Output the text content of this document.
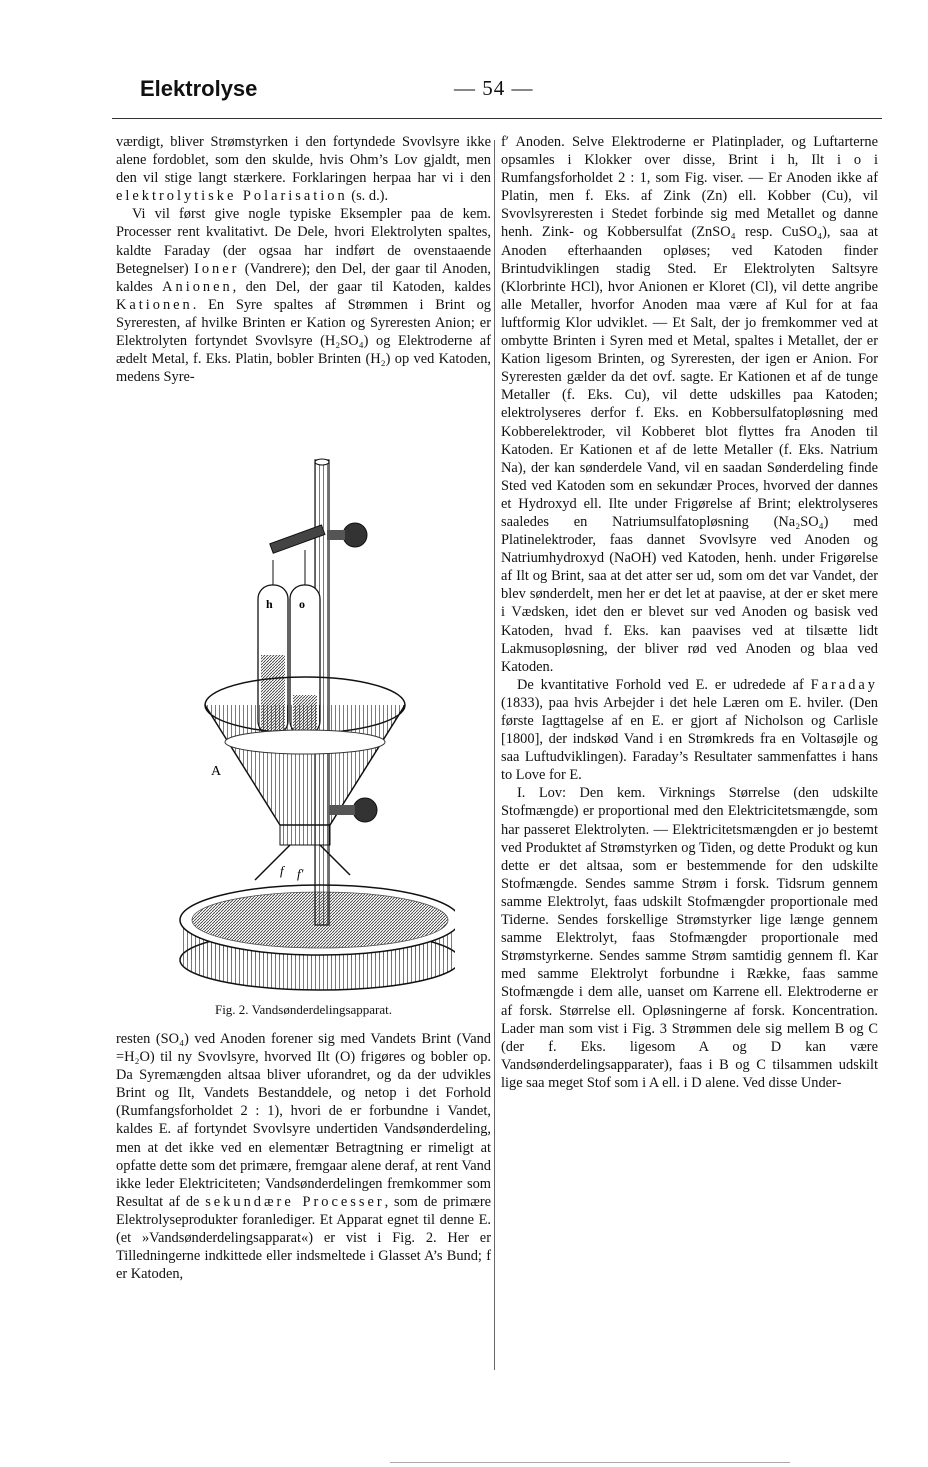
Elektrolyse	— 54 —

værdigt, bliver Strømstyrken i den fortyndede Svovlsyre ikke alene fordoblet, som den skulde, hvis Ohm’s Lov gjaldt, men den vil stige langt stærkere. Forklaringen herpaa har vi i den elektrolytiske Polarisation (s. d.).

Vi vil først give nogle typiske Eksempler paa de kem. Processer rent kvalitativt. De Dele, hvori Elektrolyten spaltes, kaldte Faraday (der ogsaa har indført de ovenstaaende Betegnelser) Ioner (Vandrere); den Del, der gaar til Anoden, kaldes Anionen, den Del, der gaar til Katoden, kaldes Kationen. En Syre spaltes af Strømmen i Brint og Syreresten, af hvilke Brinten er Kation og Syreresten Anion; er Elektrolyten fortyndet Svovlsyre (H₂SO₄) og Elektroderne af ædelt Metal, f. Eks. Platin, bobler Brinten (H₂) op ved Katoden, medens Syre-

h o
f f′
A
Fig. 2. Vandsønderdelingsapparat.

resten (SO₄) ved Anoden forener sig med Vandets Brint (Vand =H₂O) til ny Svovlsyre, hvorved Ilt (O) frigøres og bobler op. Da Syremængden altsaa bliver uforandret, og da der udvikles Brint og Ilt, Vandets Bestanddele, og netop i det Forhold (Rumfangsforholdet 2 : 1), hvori de er forbundne i Vandet, kaldes E. af fortyndet Svovlsyre undertiden Vandsønderdeling, men at det ikke ved en elementær Betragtning er rimeligt at opfatte dette som det primære, fremgaar alene deraf, at rent Vand ikke leder Elektriciteten; Vandsønderdelingen fremkommer som Resultat af de sekundære Processer, som de primære Elektrolyseprodukter foranlediger. Et Apparat egnet til denne E. (et »Vandsønderdelingsapparat«) er vist i Fig. 2. Her er Tilledningerne indkittede eller indsmeltede i Glasset A’s Bund; f er Katoden,

f′ Anoden. Selve Elektroderne er Platinplader, og Luftarterne opsamles i Klokker over disse, Brint i h, Ilt i o i Rumfangsforholdet 2 : 1, som Fig. viser. — Er Anoden ikke af Platin, men f. Eks. af Zink (Zn) ell. Kobber (Cu), vil Svovlsyreresten i Stedet forbinde sig med Metallet og danne henh. Zink- og Kobbersulfat (ZnSO₄ resp. CuSO₄), saa at Anoden efterhaanden opløses; ved Katoden finder Brintudviklingen stadig Sted. Er Elektrolyten Saltsyre (Klorbrinte HCl), hvor Anionen er Kloret (Cl), vil dette angribe alle Metaller, hvorfor Anoden maa være af Kul for at faa luftformig Klor udviklet. — Et Salt, der jo fremkommer ved at ombytte Brinten i Syren med et Metal, spaltes i Metallet, der er Kation ligesom Brinten, og Syreresten, der igen er Anion. For Syreresten gælder da det ovf. sagte. Er Kationen et af de tunge Metaller (f. Eks. Cu), vil dette udskilles paa Katoden; elektrolyseres derfor f. Eks. en Kobbersulfatopløsning med Kobberelektroder, vil Kobberet blot flyttes fra Anoden til Katoden. Er Kationen et af de lette Metaller (f. Eks. Natrium Na), der kan sønderdele Vand, vil en saadan Sønderdeling finde Sted ved Katoden som en sekundær Proces, hvorved der dannes et Hydroxyd ell. Ilte under Frigørelse af Brint; elektrolyseres saaledes en Natriumsulfatopløsning (Na₂SO₄) med Platinelektroder, faas dannet Svovlsyre ved Anoden og Natriumhydroxyd (NaOH) ved Katoden, henh. under Frigørelse af Ilt og Brint, saa at det atter ser ud, som om det var Vandet, der blev sønderdelt, men her er det let at paavise, at der er sket mere i Vædsken, idet den er blevet sur ved Anoden og basisk ved Katoden, hvad f. Eks. kan paavises ved at tilsætte lidt Lakmusopløsning, der bliver rød ved Anoden og blaa ved Katoden.

De kvantitative Forhold ved E. er udredede af Faraday (1833), paa hvis Arbejder i det hele Læren om E. hviler. (Den første Iagttagelse af en E. er gjort af Nicholson og Carlisle [1800], der indskød Vand i en Strømkreds fra en Voltasøjle og saa Luftudviklingen). Faraday’s Resultater sammenfattes i hans to Love for E.

I. Lov: Den kem. Virknings Størrelse (den udskilte Stofmængde) er proportional med den Elektricitetsmængde, som har passeret Elektrolyten. — Elektricitetsmængden er jo bestemt ved Produktet af Strømstyrken og Tiden, og dette Produkt og kun dette er det altsaa, som er bestemmende for den udskilte Stofmængde. Sendes samme Strøm i forsk. Tidsrum gennem samme Elektrolyt, faas udskilt Stofmængder proportionale med Tiderne. Sendes forskellige Strømstyrker lige længe gennem samme Elektrolyt, faas Stofmængder proportionale med Strømstyrkerne. Sendes samme Strøm samtidig gennem fl. Kar med samme Elektrolyt forbundne i Række, faas samme Stofmængde i dem alle, uanset om Karrene ell. Elektroderne er af forsk. Størrelse ell. Opløsningerne af forsk. Koncentration. Lader man som vist i Fig. 3 Strømmen dele sig mellem B og C (der f. Eks. ligesom A og D kan være Vandsønderdelingsapparater), faas i B og C tilsammen udskilt lige saa meget Stof som i A ell. i D alene. Ved disse Under-
